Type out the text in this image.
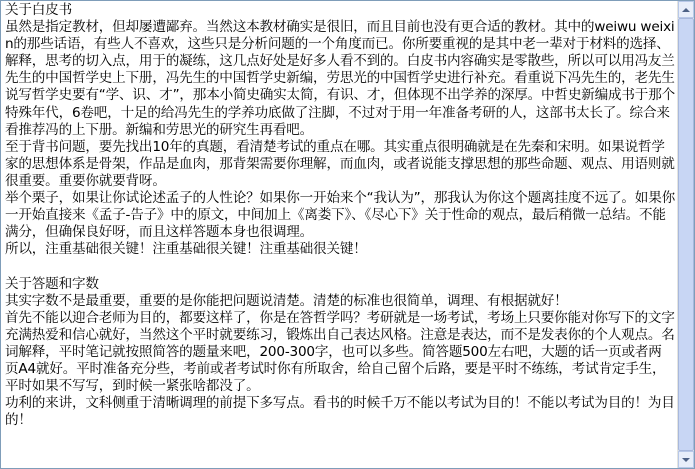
关于白皮书

虽然是指定教材，但却屡遭鄙弃。当然这本教材确实是很旧，而且目前也没有更合适的教材。其中的weiwu weixin的那些话语，有些人不喜欢，这些只是分析问题的一个角度而已。你所要重视的是其中老一辈对于材料的选择、解释，思考的切入点，用于的凝练，这几点好处是好多人看不到的。白皮书内容确实是零散些，所以可以用冯友兰先生的中国哲学史上下册，冯先生的中国哲学史新编，劳思光的中国哲学史进行补充。看重说下冯先生的，老先生说写哲学史要有“学、识、才”，那本小简史确实太简，有识、才，但体现不出学养的深厚。中哲史新编成书于那个特殊年代，6卷吧，十足的给冯先生的学养功底做了注脚，不过对于用一年准备考研的人，这部书太长了。综合来看推荐冯的上下册。新编和劳思光的研究生再看吧。

至于背书问题，要先找出10年的真题，看清楚考试的重点在哪。其实重点很明确就是在先秦和宋明。如果说哲学家的思想体系是骨架，作品是血肉，那背架需要你理解，而血肉，或者说能支撑思想的那些命题、观点、用语则就很重要。重要你就要背呀。

举个栗子，如果让你试论述孟子的人性论？如果你一开始来个“我认为”，那我认为你这个题离挂度不远了。如果你一开始直接来《孟子-告子》中的原文，中间加上《离娄下》、《尽心下》关于性命的观点，最后稍微一总结。不能满分，但确保良好呀，而且这样答题本身也很调理。

所以，注重基础很关键！注重基础很关键！注重基础很关键！

关于答题和字数

其实字数不是最重要，重要的是你能把问题说清楚。清楚的标准也很简单，调理、有根据就好！

首先不能以迎合老师为目的，都要这样了，你是在答哲学吗？考研就是一场考试，考场上只要你能对你写下的文字充满热爱和信心就好，当然这个平时就要练习，锻炼出自己表达风格。注意是表达，而不是发表你的个人观点。名词解释，平时笔记就按照简答的题量来吧，200-300字，也可以多些。简答题500左右吧，大题的话一页或者两页A4就好。平时准备充分些，考前或者考试时你有所取舍，给自己留个后路，要是平时不练练，考试肯定手生，平时如果不写写，到时候一紧张啥都没了。

功利的来讲，文科侧重于清晰调理的前提下多写点。看书的时候千万不能以考试为目的！不能以考试为目的！为目的！
